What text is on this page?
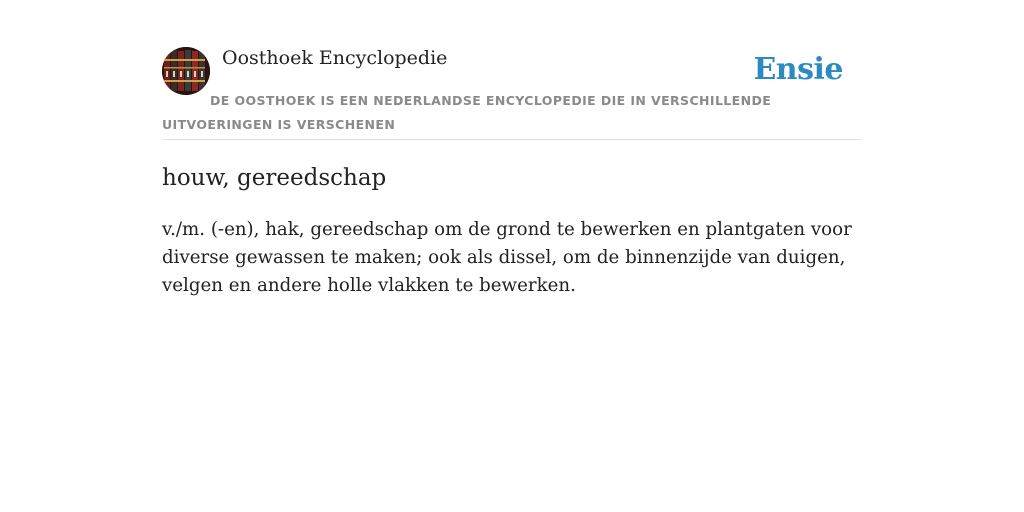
Oosthoek Encyclopedie	Ensie

DE OOSTHOEK IS EEN NEDERLANDSE ENCYCLOPEDIE DIE IN VERSCHILLENDE UITVOERINGEN IS VERSCHENEN

houw, gereedschap

v./m. (-en), hak, gereedschap om de grond te bewerken en plantgaten voor diverse gewassen te maken; ook als dissel, om de binnenzijde van duigen, velgen en andere holle vlakken te bewerken.
